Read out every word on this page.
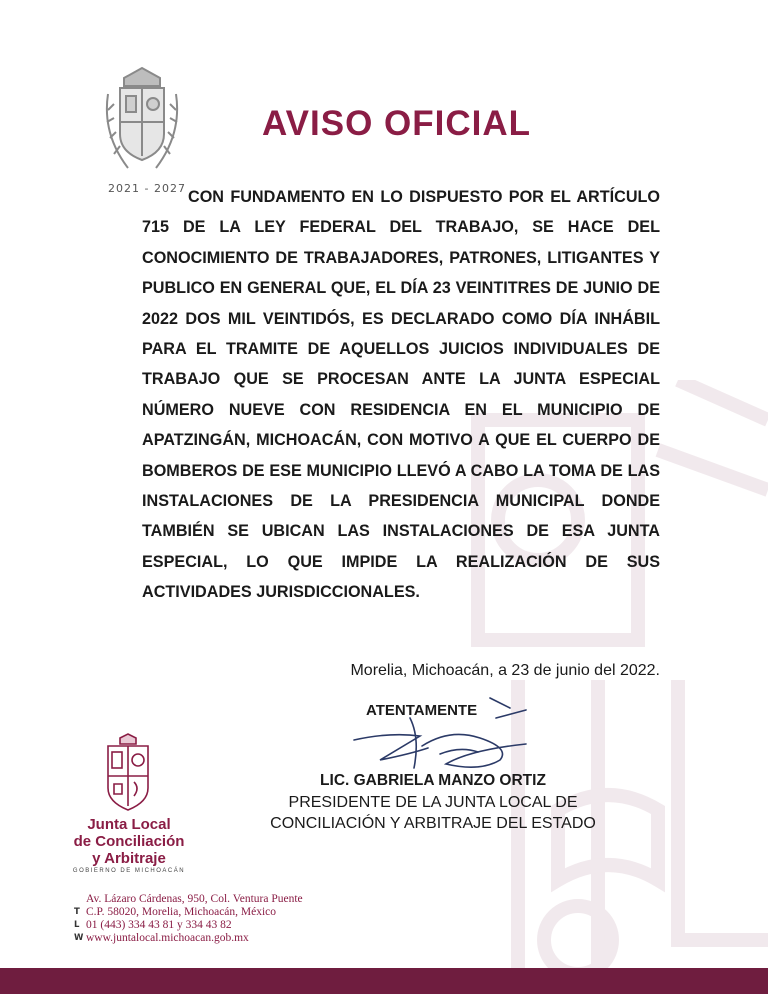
2021 - 2027
AVISO OFICIAL

CON FUNDAMENTO EN LO DISPUESTO POR EL ARTÍCULO 715 DE LA LEY FEDERAL DEL TRABAJO, SE HACE DEL CONOCIMIENTO DE TRABAJADORES, PATRONES, LITIGANTES Y PUBLICO EN GENERAL QUE, EL DÍA 23 VEINTITRES DE JUNIO DE 2022 DOS MIL VEINTIDÓS, ES DECLARADO COMO DÍA INHÁBIL PARA EL TRAMITE DE AQUELLOS JUICIOS INDIVIDUALES DE TRABAJO QUE SE PROCESAN ANTE LA JUNTA ESPECIAL NÚMERO NUEVE CON RESIDENCIA EN EL MUNICIPIO DE APATZINGÁN, MICHOACÁN, CON MOTIVO A QUE EL CUERPO DE BOMBEROS DE ESE MUNICIPIO LLEVÓ A CABO LA TOMA DE LAS INSTALACIONES DE LA PRESIDENCIA MUNICIPAL DONDE TAMBIÉN SE UBICAN LAS INSTALACIONES DE ESA JUNTA ESPECIAL, LO QUE IMPIDE LA REALIZACIÓN DE SUS ACTIVIDADES JURISDICCIONALES.

Morelia, Michoacán, a 23 de junio del 2022.
ATENTAMENTE
LIC. GABRIELA MANZO ORTIZ
PRESIDENTE DE LA JUNTA LOCAL DE
CONCILIACIÓN Y ARBITRAJE DEL ESTADO
Junta Local
de Conciliación
y Arbitraje
GOBIERNO DE MICHOACÁN
T
L
W
Av. Lázaro Cárdenas, 950, Col. Ventura Puente
C.P. 58020, Morelia, Michoacán, México
01 (443) 334 43 81 y 334 43 82
www.juntalocal.michoacan.gob.mx
